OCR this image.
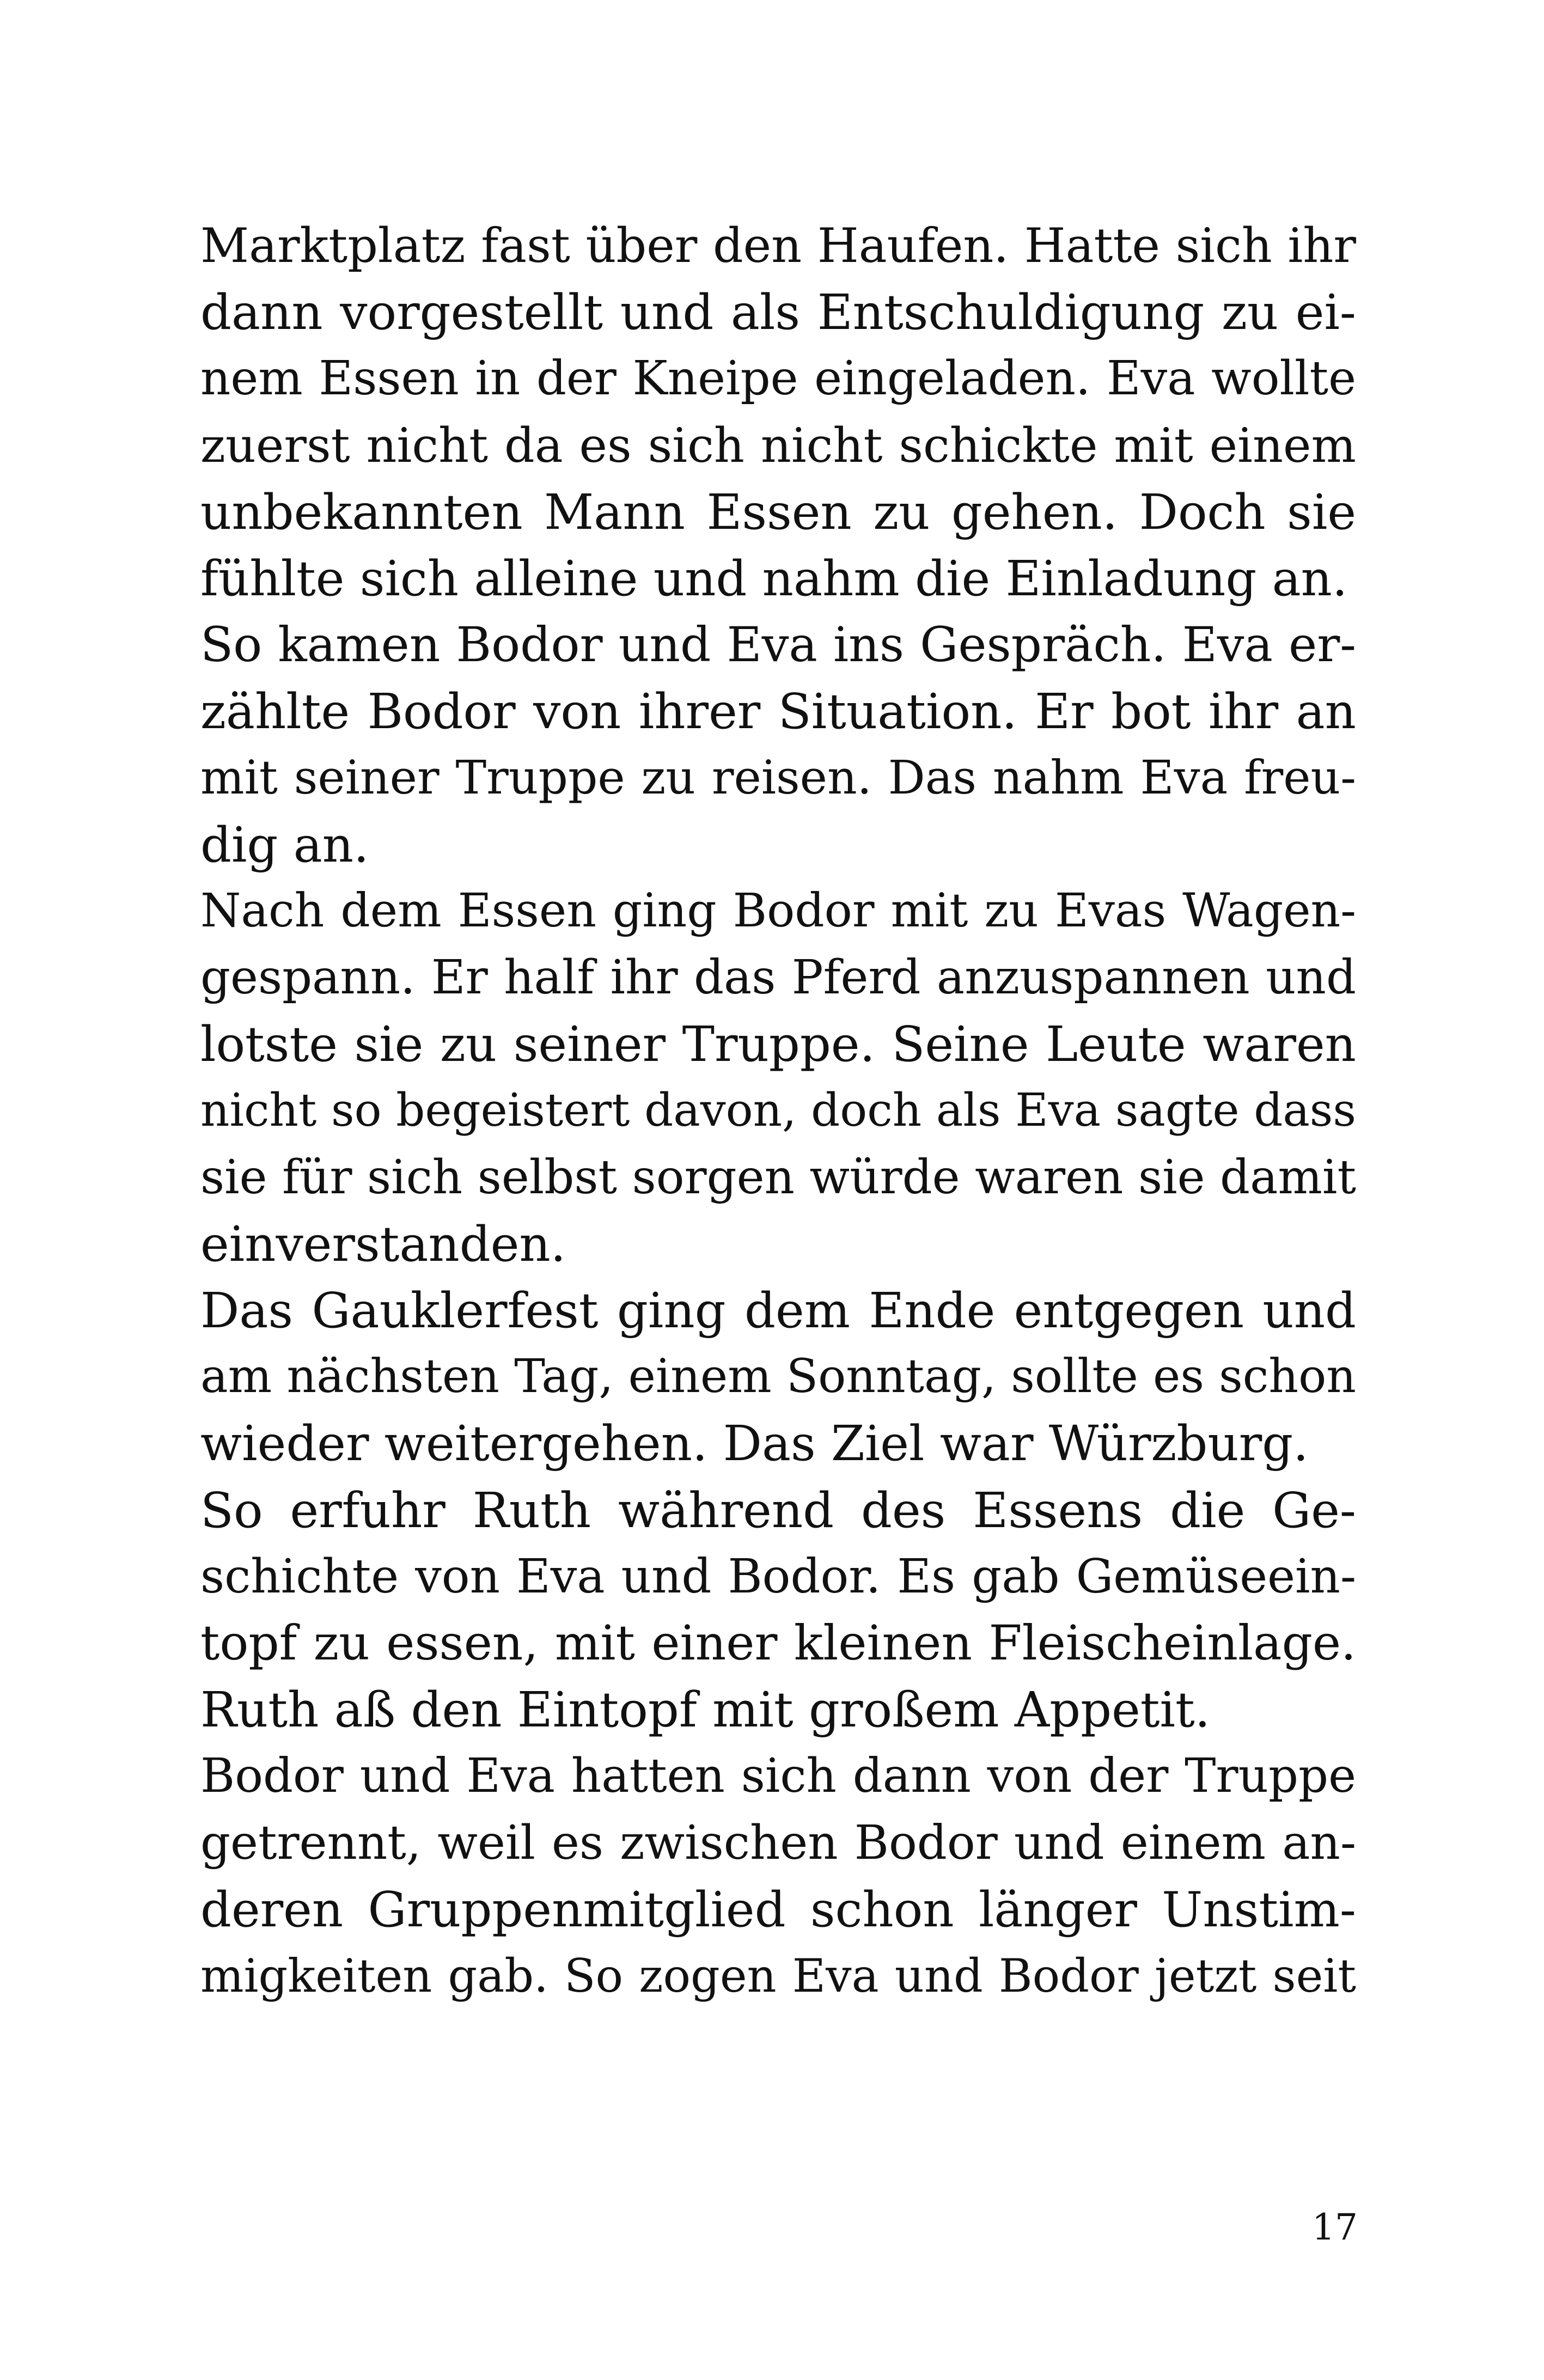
Marktplatz fast über den Haufen. Hatte sich ihr
dann vorgestellt und als Entschuldigung zu ei-
nem Essen in der Kneipe eingeladen. Eva wollte
zuerst nicht da es sich nicht schickte mit einem
unbekannten Mann Essen zu gehen. Doch sie
fühlte sich alleine und nahm die Einladung an.
So kamen Bodor und Eva ins Gespräch. Eva er-
zählte Bodor von ihrer Situation. Er bot ihr an
mit seiner Truppe zu reisen. Das nahm Eva freu-
dig an.
Nach dem Essen ging Bodor mit zu Evas Wagen-
gespann. Er half ihr das Pferd anzuspannen und
lotste sie zu seiner Truppe. Seine Leute waren
nicht so begeistert davon, doch als Eva sagte dass
sie für sich selbst sorgen würde waren sie damit
einverstanden.
Das Gauklerfest ging dem Ende entgegen und
am nächsten Tag, einem Sonntag, sollte es schon
wieder weitergehen. Das Ziel war Würzburg.
So erfuhr Ruth während des Essens die Ge-
schichte von Eva und Bodor. Es gab Gemüseein-
topf zu essen, mit einer kleinen Fleischeinlage.
Ruth aß den Eintopf mit großem Appetit.
Bodor und Eva hatten sich dann von der Truppe
getrennt, weil es zwischen Bodor und einem an-
deren Gruppenmitglied schon länger Unstim-
migkeiten gab. So zogen Eva und Bodor jetzt seit
17
